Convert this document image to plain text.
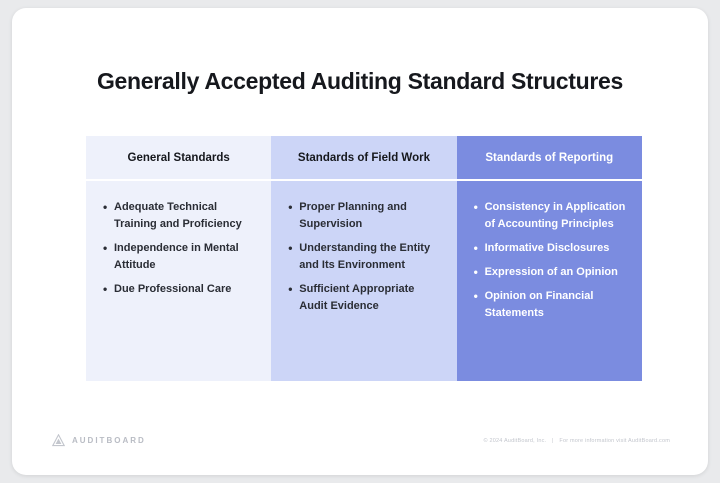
Generally Accepted Auditing Standard Structures
General Standards
• Adequate Technical Training and Proficiency
• Independence in Mental Attitude
• Due Professional Care
Standards of Field Work
• Proper Planning and Supervision
• Understanding the Entity and Its Environment
• Sufficient Appropriate Audit Evidence
Standards of Reporting
• Consistency in Application of Accounting Principles
• Informative Disclosures
• Expression of an Opinion
• Opinion on Financial Statements
AUDITBOARD	© 2024 AuditBoard, Inc. | For more information visit AuditBoard.com
